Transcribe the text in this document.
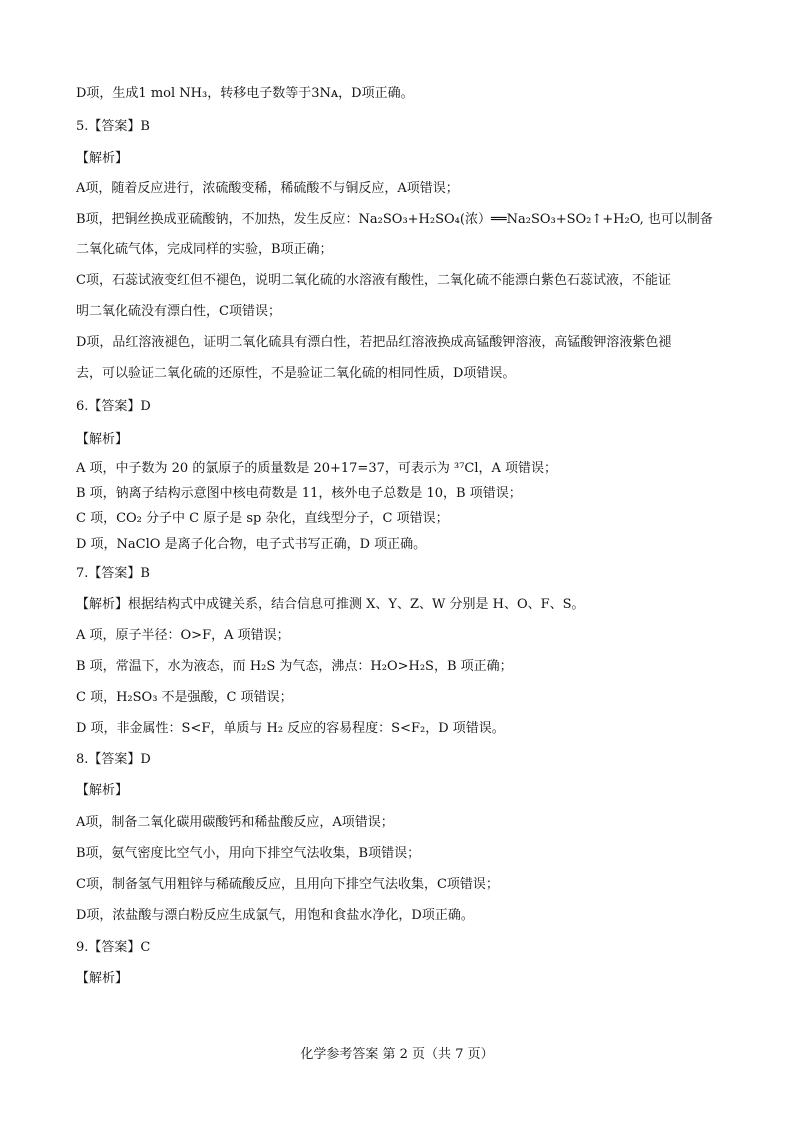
D项，生成1 mol NH₃，转移电子数等于3Nᴀ，D项正确。
5.【答案】B
【解析】
A项，随着反应进行，浓硫酸变稀，稀硫酸不与铜反应，A项错误；
B项，把铜丝换成亚硫酸钠，不加热，发生反应：Na₂SO₃+H₂SO₄(浓）══Na₂SO₃+SO₂↑+H₂O, 也可以制备
二氧化硫气体，完成同样的实验，B项正确；
C项，石蕊试液变红但不褪色，说明二氧化硫的水溶液有酸性，二氧化硫不能漂白紫色石蕊试液，不能证
明二氧化硫没有漂白性，C项错误；
D项，品红溶液褪色，证明二氧化硫具有漂白性，若把品红溶液换成高锰酸钾溶液，高锰酸钾溶液紫色褪
去，可以验证二氧化硫的还原性，不是验证二氧化硫的相同性质，D项错误。
6.【答案】D
【解析】
A 项，中子数为 20 的氯原子的质量数是 20+17=37，可表示为 ³⁷Cl，A 项错误；
B 项，钠离子结构示意图中核电荷数是 11，核外电子总数是 10，B 项错误；
C 项，CO₂ 分子中 C 原子是 sp 杂化，直线型分子，C 项错误；
D 项，NaClO 是离子化合物，电子式书写正确，D 项正确。
7.【答案】B
【解析】根据结构式中成键关系，结合信息可推测 X、Y、Z、W 分别是 H、O、F、S。
A 项，原子半径：O>F，A 项错误；
B 项，常温下，水为液态，而 H₂S 为气态，沸点：H₂O>H₂S，B 项正确；
C 项，H₂SO₃ 不是强酸，C 项错误；
D 项，非金属性：S<F，单质与 H₂ 反应的容易程度：S<F₂，D 项错误。
8.【答案】D
【解析】
A项，制备二氧化碳用碳酸钙和稀盐酸反应，A项错误；
B项，氨气密度比空气小，用向下排空气法收集，B项错误；
C项，制备氢气用粗锌与稀硫酸反应，且用向下排空气法收集，C项错误；
D项，浓盐酸与漂白粉反应生成氯气，用饱和食盐水净化，D项正确。
9.【答案】C
【解析】
化学参考答案 第 2 页（共 7 页）
